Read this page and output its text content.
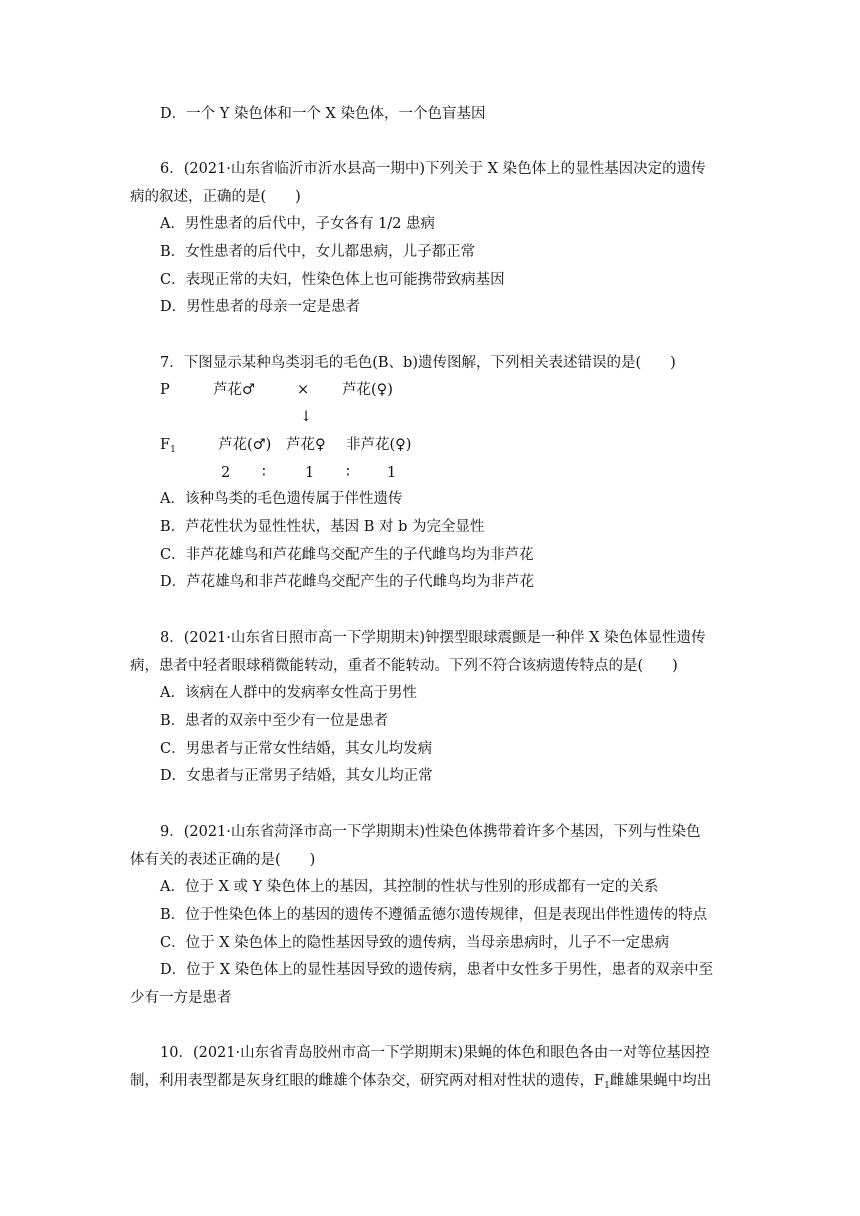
D．一个 Y 染色体和一个 X 染色体，一个色盲基因
6．(2021·山东省临沂市沂水县高一期中)下列关于 X 染色体上的显性基因决定的遗传
病的叙述，正确的是(　　)
A．男性患者的后代中，子女各有 1/2 患病
B．女性患者的后代中，女儿都患病，儿子都正常
C．表现正常的夫妇，性染色体上也可能携带致病基因
D．男性患者的母亲一定是患者
7．下图显示某种鸟类羽毛的毛色(B、b)遗传图解，下列相关表述错误的是(　　)
P	芦花♂	× 芦花(♀)
↓
$F_1$	芦花(♂) 芦花♀ 非芦花(♀)
2 ∶	1 ∶	1
A．该种鸟类的毛色遗传属于伴性遗传
B．芦花性状为显性性状，基因 B 对 b 为完全显性
C．非芦花雄鸟和芦花雌鸟交配产生的子代雌鸟均为非芦花
D．芦花雄鸟和非芦花雌鸟交配产生的子代雌鸟均为非芦花
8．(2021·山东省日照市高一下学期期末)钟摆型眼球震颤是一种伴 X 染色体显性遗传
病，患者中轻者眼球稍微能转动，重者不能转动。下列不符合该病遗传特点的是(　　)
A．该病在人群中的发病率女性高于男性
B．患者的双亲中至少有一位是患者
C．男患者与正常女性结婚，其女儿均发病
D．女患者与正常男子结婚，其女儿均正常
9．(2021·山东省菏泽市高一下学期期末)性染色体携带着许多个基因，下列与性染色
体有关的表述正确的是(　　)
A．位于 X 或 Y 染色体上的基因，其控制的性状与性别的形成都有一定的关系
B．位于性染色体上的基因的遗传不遵循孟德尔遗传规律，但是表现出伴性遗传的特点
C．位于 X 染色体上的隐性基因导致的遗传病，当母亲患病时，儿子不一定患病
D．位于 X 染色体上的显性基因导致的遗传病，患者中女性多于男性，患者的双亲中至
少有一方是患者
10．(2021·山东省青岛胶州市高一下学期期末)果蝇的体色和眼色各由一对等位基因控
制，利用表型都是灰身红眼的雌雄个体杂交，研究两对相对性状的遗传，$F_1$雌雄果蝇中均出
